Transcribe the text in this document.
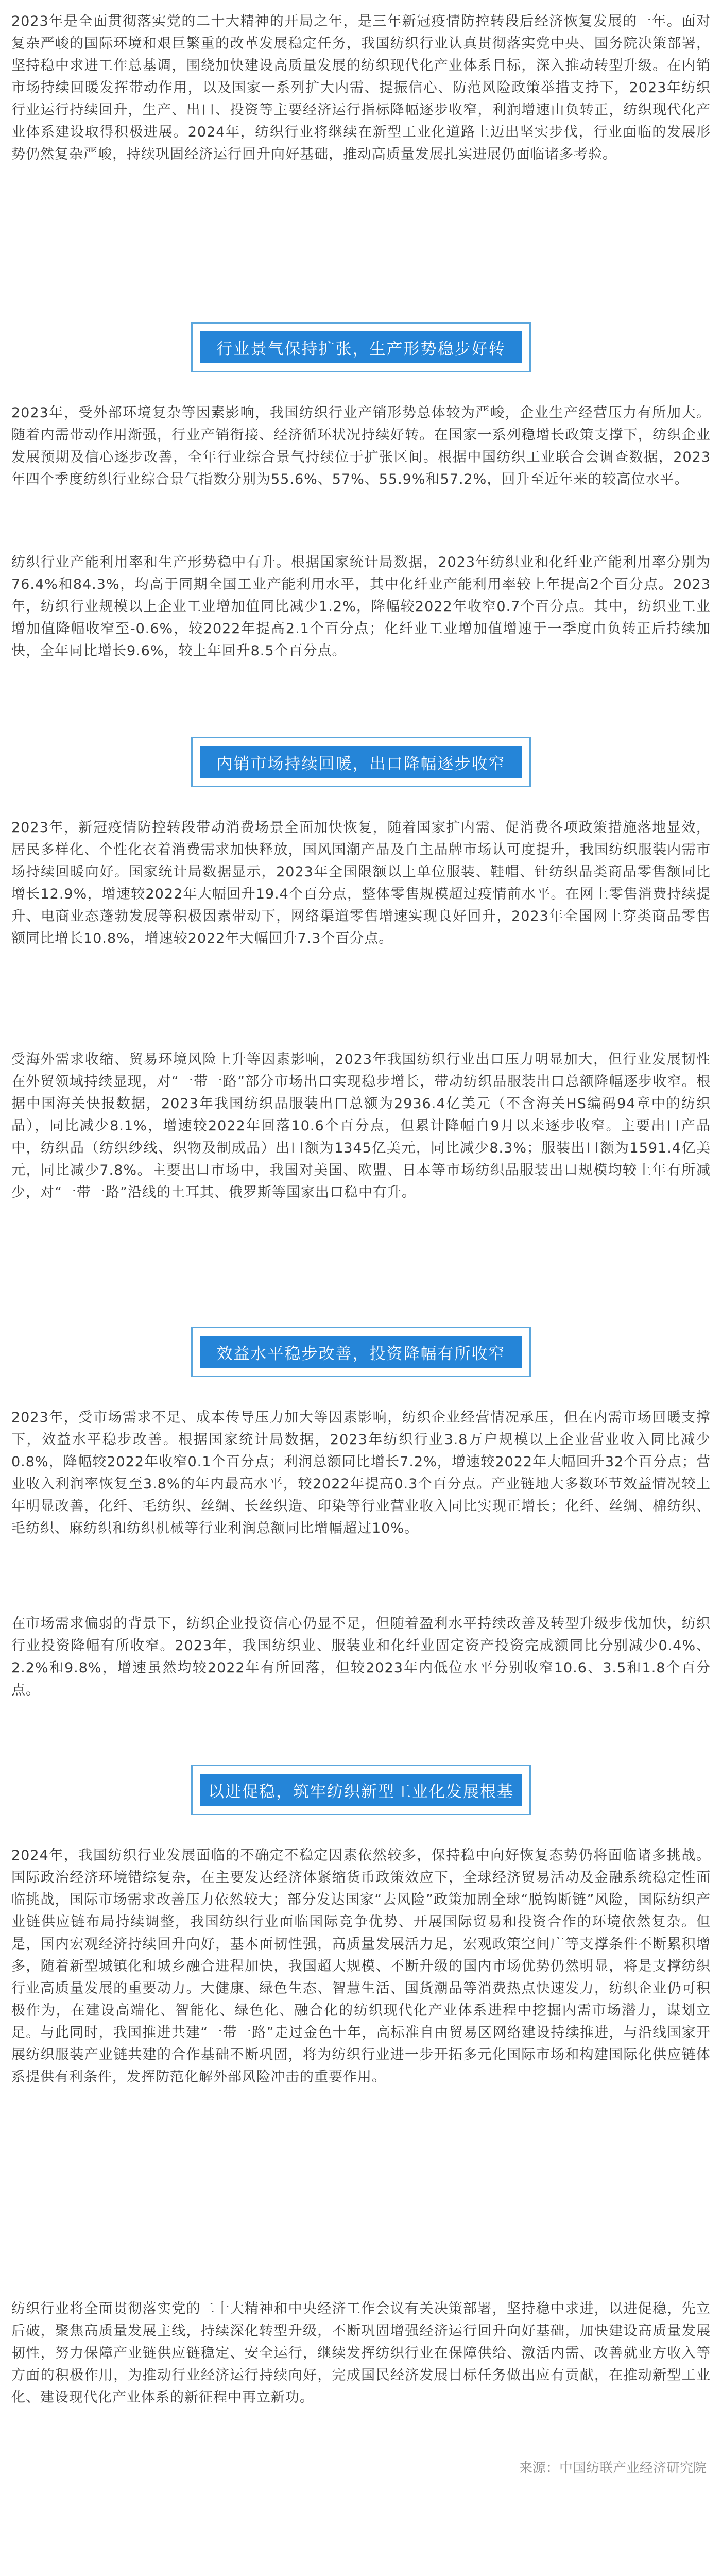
2023年是全面贯彻落实党的二十大精神的开局之年，是三年新冠疫情防控转段后经济恢复发展的一年。面对复杂严峻的国际环境和艰巨繁重的改革发展稳定任务，我国纺织行业认真贯彻落实党中央、国务院决策部署，坚持稳中求进工作总基调，围绕加快建设高质量发展的纺织现代化产业体系目标，深入推动转型升级。在内销市场持续回暖发挥带动作用，以及国家一系列扩大内需、提振信心、防范风险政策举措支持下，2023年纺织行业运行持续回升，生产、出口、投资等主要经济运行指标降幅逐步收窄，利润增速由负转正，纺织现代化产业体系建设取得积极进展。2024年，纺织行业将继续在新型工业化道路上迈出坚实步伐，行业面临的发展形势仍然复杂严峻，持续巩固经济运行回升向好基础，推动高质量发展扎实进展仍面临诸多考验。

行业景气保持扩张，生产形势稳步好转

2023年，受外部环境复杂等因素影响，我国纺织行业产销形势总体较为严峻，企业生产经营压力有所加大。随着内需带动作用渐强，行业产销衔接、经济循环状况持续好转。在国家一系列稳增长政策支撑下，纺织企业发展预期及信心逐步改善，全年行业综合景气持续位于扩张区间。根据中国纺织工业联合会调查数据，2023年四个季度纺织行业综合景气指数分别为55.6%、57%、55.9%和57.2%，回升至近年来的较高位水平。

纺织行业产能利用率和生产形势稳中有升。根据国家统计局数据，2023年纺织业和化纤业产能利用率分别为76.4%和84.3%，均高于同期全国工业产能利用水平，其中化纤业产能利用率较上年提高2个百分点。2023年，纺织行业规模以上企业工业增加值同比减少1.2%，降幅较2022年收窄0.7个百分点。其中，纺织业工业增加值降幅收窄至-0.6%，较2022年提高2.1个百分点；化纤业工业增加值增速于一季度由负转正后持续加快，全年同比增长9.6%，较上年回升8.5个百分点。

内销市场持续回暖，出口降幅逐步收窄

2023年，新冠疫情防控转段带动消费场景全面加快恢复，随着国家扩内需、促消费各项政策措施落地显效，居民多样化、个性化衣着消费需求加快释放，国风国潮产品及自主品牌市场认可度提升，我国纺织服装内需市场持续回暖向好。国家统计局数据显示，2023年全国限额以上单位服装、鞋帽、针纺织品类商品零售额同比增长12.9%，增速较2022年大幅回升19.4个百分点，整体零售规模超过疫情前水平。在网上零售消费持续提升、电商业态蓬勃发展等积极因素带动下，网络渠道零售增速实现良好回升，2023年全国网上穿类商品零售额同比增长10.8%，增速较2022年大幅回升7.3个百分点。

受海外需求收缩、贸易环境风险上升等因素影响，2023年我国纺织行业出口压力明显加大，但行业发展韧性在外贸领域持续显现，对“一带一路”部分市场出口实现稳步增长，带动纺织品服装出口总额降幅逐步收窄。根据中国海关快报数据，2023年我国纺织品服装出口总额为2936.4亿美元（不含海关HS编码94章中的纺织品），同比减少8.1%，增速较2022年回落10.6个百分点，但累计降幅自9月以来逐步收窄。主要出口产品中，纺织品（纺织纱线、织物及制成品）出口额为1345亿美元，同比减少8.3%；服装出口额为1591.4亿美元，同比减少7.8%。主要出口市场中，我国对美国、欧盟、日本等市场纺织品服装出口规模均较上年有所减少，对“一带一路”沿线的土耳其、俄罗斯等国家出口稳中有升。

效益水平稳步改善，投资降幅有所收窄

2023年，受市场需求不足、成本传导压力加大等因素影响，纺织企业经营情况承压，但在内需市场回暖支撑下，效益水平稳步改善。根据国家统计局数据，2023年纺织行业3.8万户规模以上企业营业收入同比减少0.8%，降幅较2022年收窄0.1个百分点；利润总额同比增长7.2%，增速较2022年大幅回升32个百分点；营业收入利润率恢复至3.8%的年内最高水平，较2022年提高0.3个百分点。产业链地大多数环节效益情况较上年明显改善，化纤、毛纺织、丝绸、长丝织造、印染等行业营业收入同比实现正增长；化纤、丝绸、棉纺织、毛纺织、麻纺织和纺织机械等行业利润总额同比增幅超过10%。

在市场需求偏弱的背景下，纺织企业投资信心仍显不足，但随着盈利水平持续改善及转型升级步伐加快，纺织行业投资降幅有所收窄。2023年，我国纺织业、服装业和化纤业固定资产投资完成额同比分别减少0.4%、2.2%和9.8%，增速虽然均较2022年有所回落，但较2023年内低位水平分别收窄10.6、3.5和1.8个百分点。

以进促稳，筑牢纺织新型工业化发展根基

2024年，我国纺织行业发展面临的不确定不稳定因素依然较多，保持稳中向好恢复态势仍将面临诸多挑战。国际政治经济环境错综复杂，在主要发达经济体紧缩货币政策效应下，全球经济贸易活动及金融系统稳定性面临挑战，国际市场需求改善压力依然较大；部分发达国家“去风险”政策加剧全球“脱钩断链”风险，国际纺织产业链供应链布局持续调整，我国纺织行业面临国际竞争优势、开展国际贸易和投资合作的环境依然复杂。但是，国内宏观经济持续回升向好，基本面韧性强，高质量发展活力足，宏观政策空间广等支撑条件不断累积增多，随着新型城镇化和城乡融合进程加快，我国超大规模、不断升级的国内市场优势仍然明显，将是支撑纺织行业高质量发展的重要动力。大健康、绿色生态、智慧生活、国货潮品等消费热点快速发力，纺织企业仍可积极作为，在建设高端化、智能化、绿色化、融合化的纺织现代化产业体系进程中挖掘内需市场潜力，谋划立足。与此同时，我国推进共建“一带一路”走过金色十年，高标准自由贸易区网络建设持续推进，与沿线国家开展纺织服装产业链共建的合作基础不断巩固，将为纺织行业进一步开拓多元化国际市场和构建国际化供应链体系提供有利条件，发挥防范化解外部风险冲击的重要作用。

纺织行业将全面贯彻落实党的二十大精神和中央经济工作会议有关决策部署，坚持稳中求进，以进促稳，先立后破，聚焦高质量发展主线，持续深化转型升级，不断巩固增强经济运行回升向好基础，加快建设高质量发展韧性，努力保障产业链供应链稳定、安全运行，继续发挥纺织行业在保障供给、激活内需、改善就业方收入等方面的积极作用，为推动行业经济运行持续向好，完成国民经济发展目标任务做出应有贡献，在推动新型工业化、建设现代化产业体系的新征程中再立新功。

来源：中国纺联产业经济研究院
